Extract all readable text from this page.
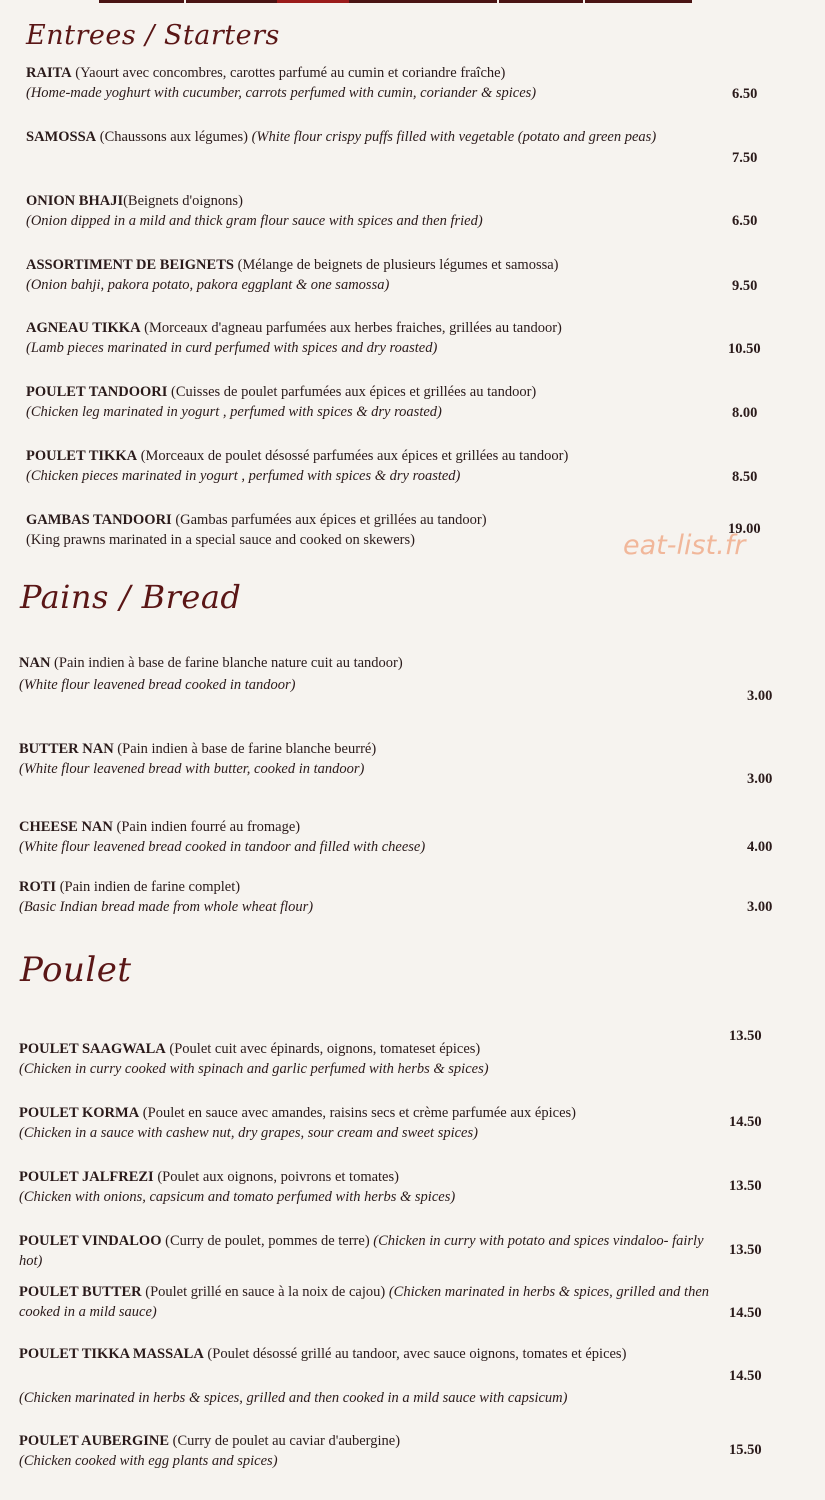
Entrees / Starters
RAITA (Yaourt avec concombres, carottes parfumé au cumin et coriandre fraîche)
(Home-made yoghurt with cucumber, carrots perfumed with cumin, coriander & spices)	6.50
SAMOSSA (Chaussons aux légumes) (White flour crispy puffs filled with vegetable (potato and green peas)
7.50
ONION BHAJI(Beignets d'oignons)
(Onion dipped in a mild and thick gram flour sauce with spices and then fried)	6.50
ASSORTIMENT DE BEIGNETS (Mélange de beignets de plusieurs légumes et samossa)
(Onion bahji, pakora potato, pakora eggplant & one samossa)	9.50
AGNEAU TIKKA (Morceaux d'agneau parfumées aux herbes fraiches, grillées au tandoor)
(Lamb pieces marinated in curd perfumed with spices and dry roasted)	10.50
POULET TANDOORI (Cuisses de poulet parfumées aux épices et grillées au tandoor)
(Chicken leg marinated in yogurt , perfumed with spices & dry roasted)	8.00
POULET TIKKA (Morceaux de poulet désossé parfumées aux épices et grillées au tandoor)
(Chicken pieces marinated in yogurt , perfumed with spices & dry roasted)	8.50
GAMBAS TANDOORI (Gambas parfumées aux épices et grillées au tandoor)
(King prawns marinated in a special sauce and cooked on skewers)
19.00
eat-list.fr
Pains / Bread
NAN (Pain indien à base de farine blanche nature cuit au tandoor)
(White flour leavened bread cooked in tandoor)
3.00
BUTTER NAN (Pain indien à base de farine blanche beurré)
(White flour leavened bread with butter, cooked in tandoor)
3.00
CHEESE NAN (Pain indien fourré au fromage)
(White flour leavened bread cooked in tandoor and filled with cheese)	4.00
ROTI (Pain indien de farine complet)
(Basic Indian bread made from whole wheat flour)	3.00
Poulet
POULET SAAGWALA (Poulet cuit avec épinards, oignons, tomateset épices)
(Chicken in curry cooked with spinach and garlic perfumed with herbs & spices)
13.50
POULET KORMA (Poulet en sauce avec amandes, raisins secs et crème parfumée aux épices)
(Chicken in a sauce with cashew nut, dry grapes, sour cream and sweet spices)
14.50
POULET JALFREZI (Poulet aux oignons, poivrons et tomates)
(Chicken with onions, capsicum and tomato perfumed with herbs & spices)
13.50
POULET VINDALOO (Curry de poulet, pommes de terre) (Chicken in curry with potato and spices vindaloo- fairly hot)
13.50
POULET BUTTER (Poulet grillé en sauce à la noix de cajou) (Chicken marinated in herbs & spices, grilled and then cooked in a mild sauce)	14.50
POULET TIKKA MASSALA (Poulet désossé grillé au tandoor, avec sauce oignons, tomates et épices)
(Chicken marinated in herbs & spices, grilled and then cooked in a mild sauce with capsicum)
14.50
POULET AUBERGINE (Curry de poulet au caviar d'aubergine)
(Chicken cooked with egg plants and spices)
15.50
